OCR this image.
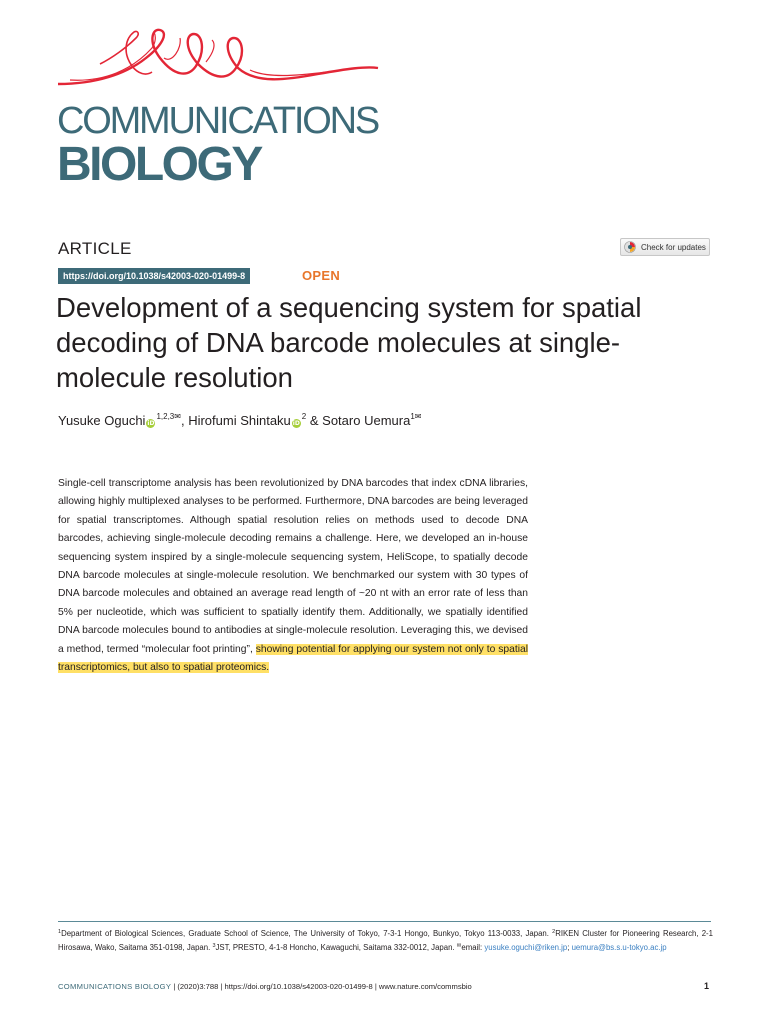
COMMUNICATIONS
BIOLOGY
ARTICLE	Check for updates
https://doi.org/10.1038/s42003-020-01499-8	OPEN
Development of a sequencing system for spatial decoding of DNA barcode molecules at single-molecule resolution
Yusuke Oguchi $iD^{1,2,3✉}$, Hirofumi Shintaku $iD^2$ & Sotaro Uemura$^{1✉}$

Single-cell transcriptome analysis has been revolutionized by DNA barcodes that index cDNA libraries, allowing highly multiplexed analyses to be performed. Furthermore, DNA barcodes are being leveraged for spatial transcriptomes. Although spatial resolution relies on methods used to decode DNA barcodes, achieving single-molecule decoding remains a challenge. Here, we developed an in-house sequencing system inspired by a single-molecule sequencing system, HeliScope, to spatially decode DNA barcode molecules at single-molecule resolution. We benchmarked our system with 30 types of DNA barcode molecules and obtained an average read length of ~20 nt with an error rate of less than 5% per nucleotide, which was sufficient to spatially identify them. Additionally, we spatially identified DNA barcode molecules bound to antibodies at single-molecule resolution. Leveraging this, we devised a method, termed “molecular foot printing”, showing potential for applying our system not only to spatial transcriptomics, but also to spatial proteomics.

$^1$Department of Biological Sciences, Graduate School of Science, The University of Tokyo, 7-3-1 Hongo, Bunkyo, Tokyo 113-0033, Japan. $^2$RIKEN Cluster for Pioneering Research, 2-1 Hirosawa, Wako, Saitama 351-0198, Japan. $^3$JST, PRESTO, 4-1-8 Honcho, Kawaguchi, Saitama 332-0012, Japan. ✉email: yusuke.oguchi@riken.jp; uemura@bs.s.u-tokyo.ac.jp

COMMUNICATIONS BIOLOGY | (2020)3:788 | https://doi.org/10.1038/s42003-020-01499-8 | www.nature.com/commsbio	1
